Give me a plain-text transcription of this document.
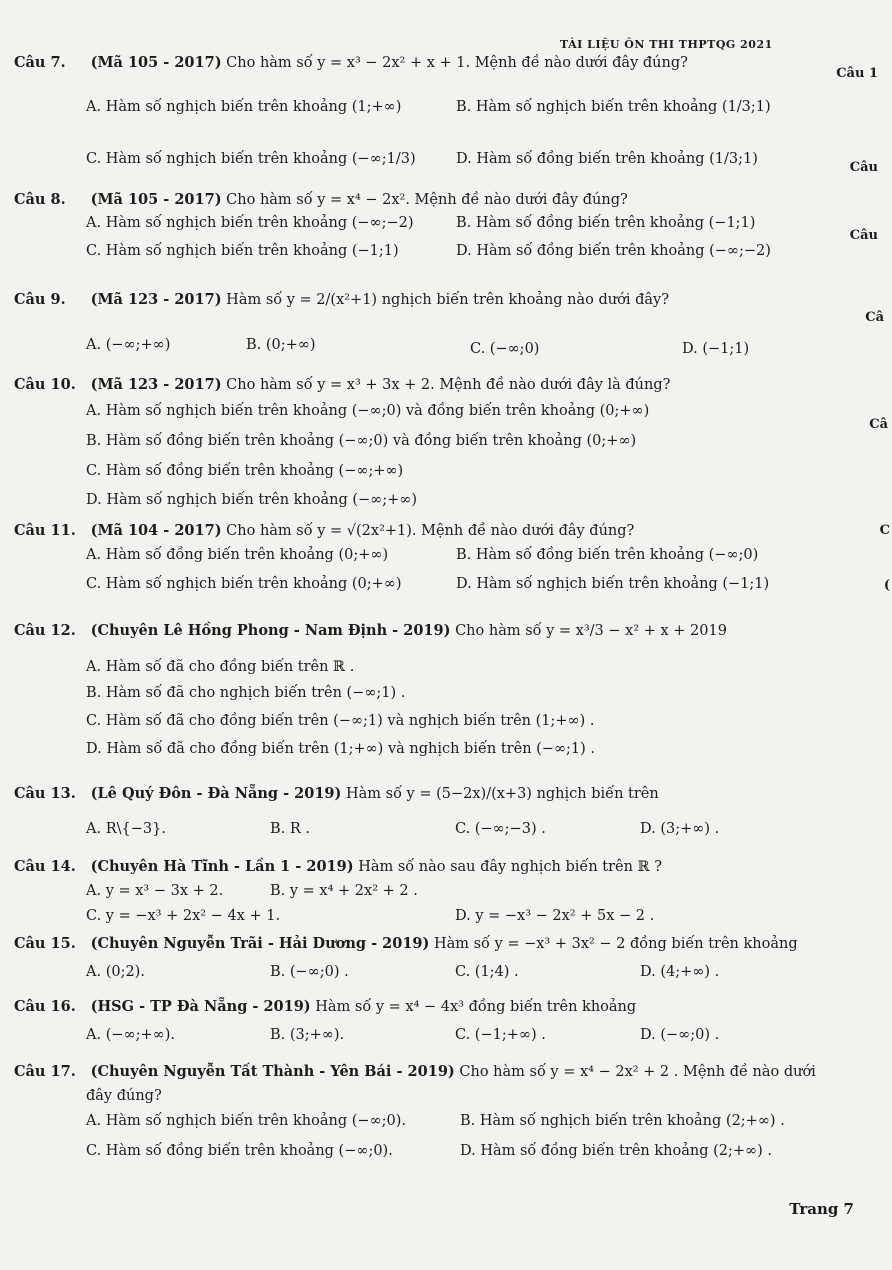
TÀI LIỆU ÔN THI THPTQG 2021
Câu 1
Câu
Câu
Câ
Câ
C
(
Câu 7. (Mã 105 - 2017) Cho hàm số y = x³ − 2x² + x + 1. Mệnh đề nào dưới đây đúng?
A. Hàm số nghịch biến trên khoảng (1;+∞)	B. Hàm số nghịch biến trên khoảng (1/3;1)
C. Hàm số nghịch biến trên khoảng (−∞;1/3)	D. Hàm số đồng biến trên khoảng (1/3;1)
Câu 8. (Mã 105 - 2017) Cho hàm số y = x⁴ − 2x². Mệnh đề nào dưới đây đúng?
A. Hàm số nghịch biến trên khoảng (−∞;−2)	B. Hàm số đồng biến trên khoảng (−1;1)
C. Hàm số nghịch biến trên khoảng (−1;1)	D. Hàm số đồng biến trên khoảng (−∞;−2)
Câu 9. (Mã 123 - 2017) Hàm số y = 2/(x²+1) nghịch biến trên khoảng nào dưới đây?
A. (−∞;+∞)	B. (0;+∞)	C. (−∞;0)	D. (−1;1)
Câu 10. (Mã 123 - 2017) Cho hàm số y = x³ + 3x + 2. Mệnh đề nào dưới đây là đúng?
A. Hàm số nghịch biến trên khoảng (−∞;0) và đồng biến trên khoảng (0;+∞)
B. Hàm số đồng biến trên khoảng (−∞;0) và đồng biến trên khoảng (0;+∞)
C. Hàm số đồng biến trên khoảng (−∞;+∞)
D. Hàm số nghịch biến trên khoảng (−∞;+∞)
Câu 11. (Mã 104 - 2017) Cho hàm số y = √(2x²+1). Mệnh đề nào dưới đây đúng?
A. Hàm số đồng biến trên khoảng (0;+∞)	B. Hàm số đồng biến trên khoảng (−∞;0)
C. Hàm số nghịch biến trên khoảng (0;+∞)	D. Hàm số nghịch biến trên khoảng (−1;1)
Câu 12. (Chuyên Lê Hồng Phong - Nam Định - 2019) Cho hàm số y = x³/3 − x² + x + 2019
A. Hàm số đã cho đồng biến trên ℝ .
B. Hàm số đã cho nghịch biến trên (−∞;1) .
C. Hàm số đã cho đồng biến trên (−∞;1) và nghịch biến trên (1;+∞) .
D. Hàm số đã cho đồng biến trên (1;+∞) và nghịch biến trên (−∞;1) .
Câu 13. (Lê Quý Đôn - Đà Nẵng - 2019) Hàm số y = (5−2x)/(x+3) nghịch biến trên
A. R\{−3}.	B. R .	C. (−∞;−3) .	D. (3;+∞) .
Câu 14. (Chuyên Hà Tĩnh - Lần 1 - 2019) Hàm số nào sau đây nghịch biến trên ℝ ?
A. y = x³ − 3x + 2.	B. y = x⁴ + 2x² + 2 .
C. y = −x³ + 2x² − 4x + 1.	D. y = −x³ − 2x² + 5x − 2 .
Câu 15. (Chuyên Nguyễn Trãi - Hải Dương - 2019) Hàm số y = −x³ + 3x² − 2 đồng biến trên khoảng
A. (0;2).	B. (−∞;0) .	C. (1;4) .	D. (4;+∞) .
Câu 16. (HSG - TP Đà Nẵng - 2019) Hàm số y = x⁴ − 4x³ đồng biến trên khoảng
A. (−∞;+∞).	B. (3;+∞).	C. (−1;+∞) .	D. (−∞;0) .
Câu 17. (Chuyên Nguyễn Tất Thành - Yên Bái - 2019) Cho hàm số y = x⁴ − 2x² + 2 . Mệnh đề nào dưới
đây đúng?
A. Hàm số nghịch biến trên khoảng (−∞;0).	B. Hàm số nghịch biến trên khoảng (2;+∞) .
C. Hàm số đồng biến trên khoảng (−∞;0).	D. Hàm số đồng biến trên khoảng (2;+∞) .
Trang 7
